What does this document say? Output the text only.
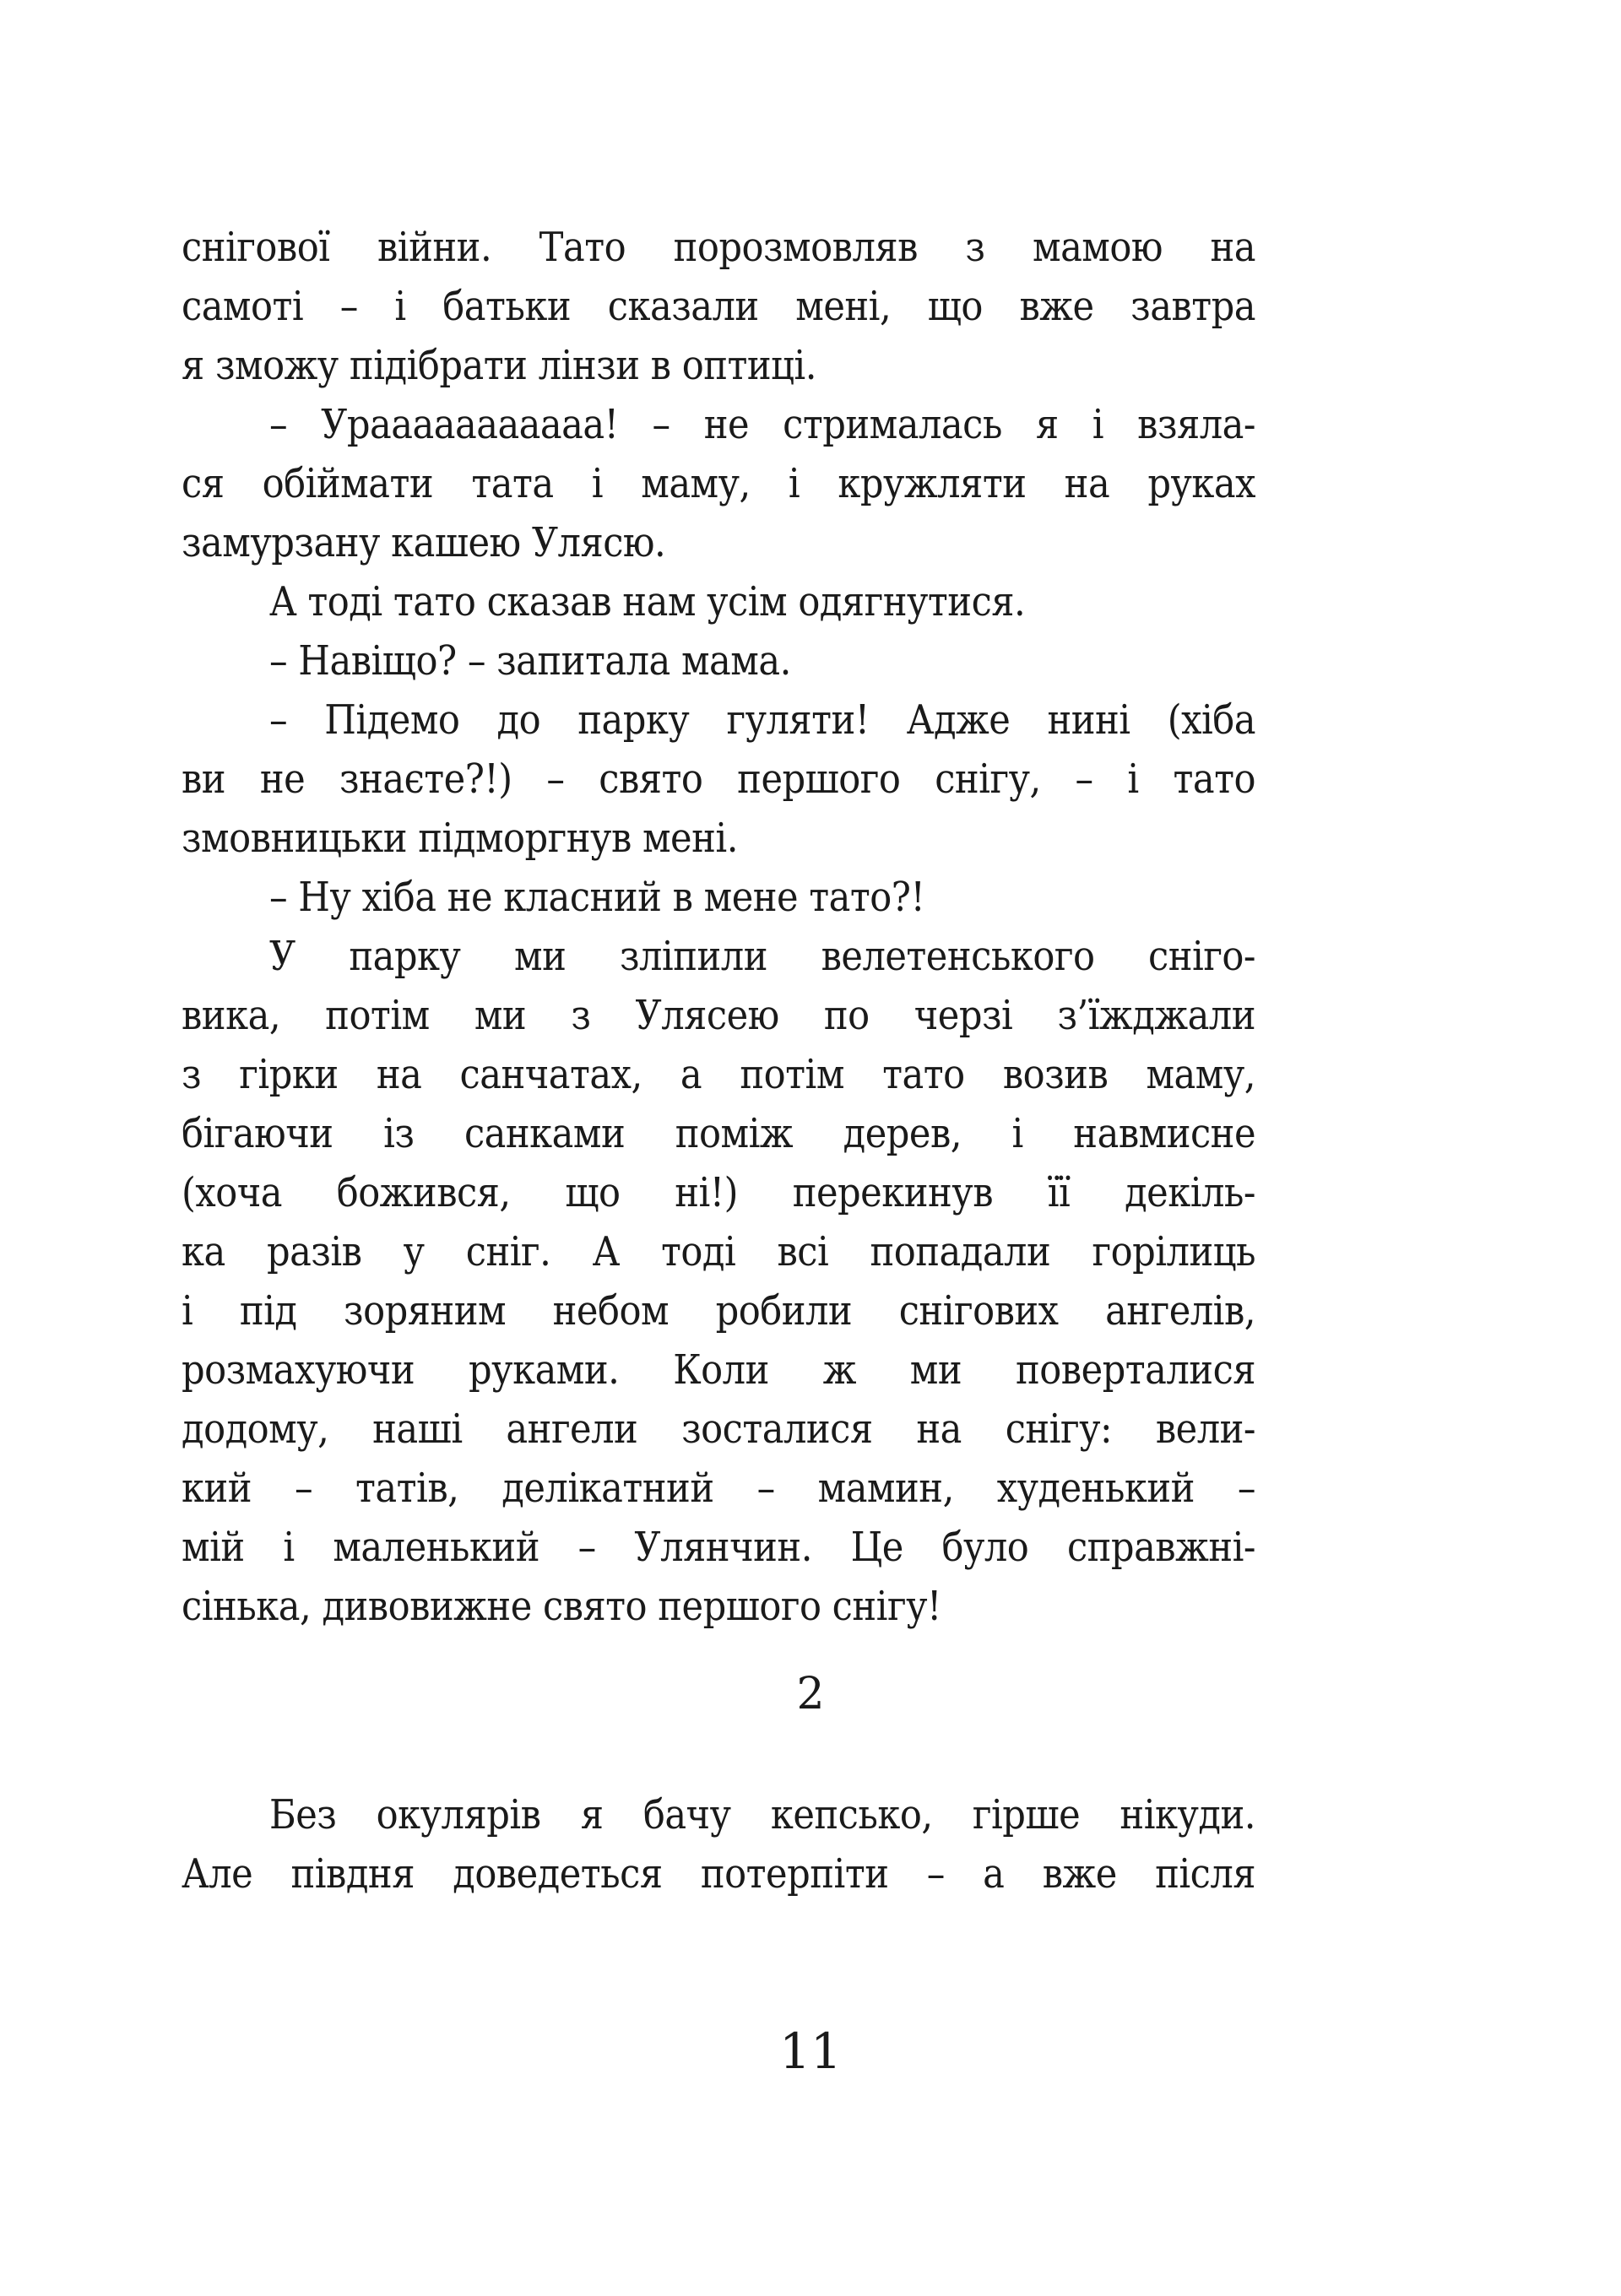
снігової війни. Тато порозмовляв з мамою на
самоті – і батьки сказали мені, що вже завтра
я зможу підібрати лінзи в оптиці.
– Урааааааааааа! – не стрималась я і взяла-
ся обіймати тата і маму, і кружляти на руках
замурзану кашею Улясю.
А тоді тато сказав нам усім одягнутися.
– Навіщо? – запитала мама.
– Підемо до парку гуляти! Адже нині (хіба
ви не знаєте?!) – свято першого снігу, – і тато
змовницьки підморгнув мені.
– Ну хіба не класний в мене тато?!
У парку ми зліпили велетенського сніго-
вика, потім ми з Улясею по черзі з’їжджали
з гірки на санчатах, а потім тато возив маму,
бігаючи із санками поміж дерев, і навмисне
(хоча божився, що ні!) перекинув її декіль-
ка разів у сніг. А тоді всі попадали горілиць
і під зоряним небом робили снігових ангелів,
розмахуючи руками. Коли ж ми поверталися
додому, наші ангели зосталися на снігу: вели-
кий – татів, делікатний – мамин, худенький –
мій і маленький – Улянчин. Це було справжні-
сінька, дивовижне свято першого снігу!
2
Без окулярів я бачу кепсько, гірше нікуди.
Але півдня доведеться потерпіти – а вже після
11
